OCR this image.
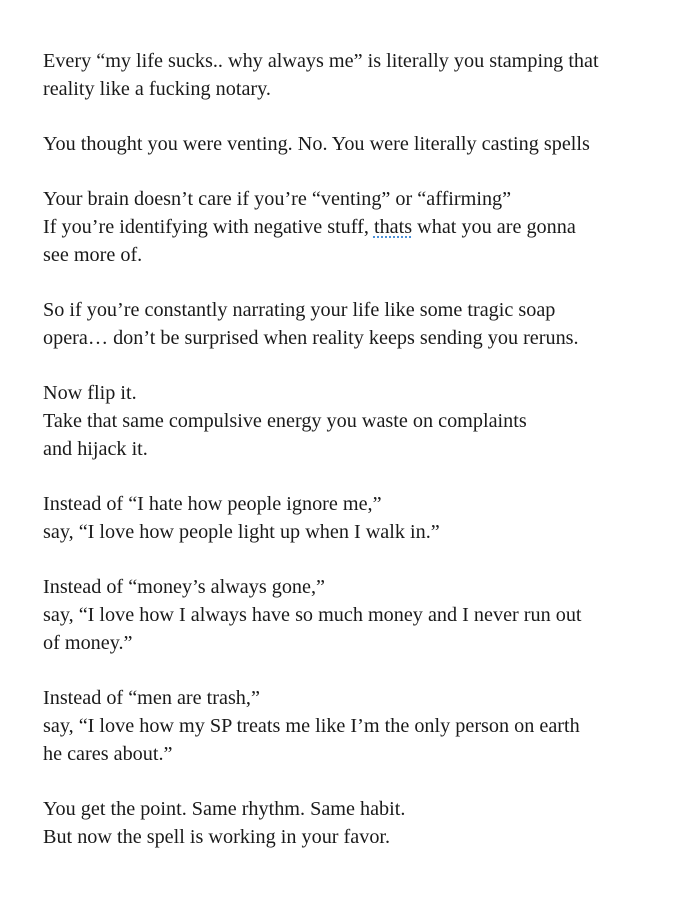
Every “my life sucks.. why always me” is literally you stamping that
reality like a fucking notary.

You thought you were venting. No. You were literally casting spells

Your brain doesn’t care if you’re “venting” or “affirming”
If you’re identifying with negative stuff, thats what you are gonna
see more of.

So if you’re constantly narrating your life like some tragic soap
opera… don’t be surprised when reality keeps sending you reruns.

Now flip it.
Take that same compulsive energy you waste on complaints
and hijack it.

Instead of “I hate how people ignore me,”
say, “I love how people light up when I walk in.”

Instead of “money’s always gone,”
say, “I love how I always have so much money and I never run out
of money.”

Instead of “men are trash,”
say, “I love how my SP treats me like I’m the only person on earth
he cares about.”

You get the point. Same rhythm. Same habit.
But now the spell is working in your favor.
